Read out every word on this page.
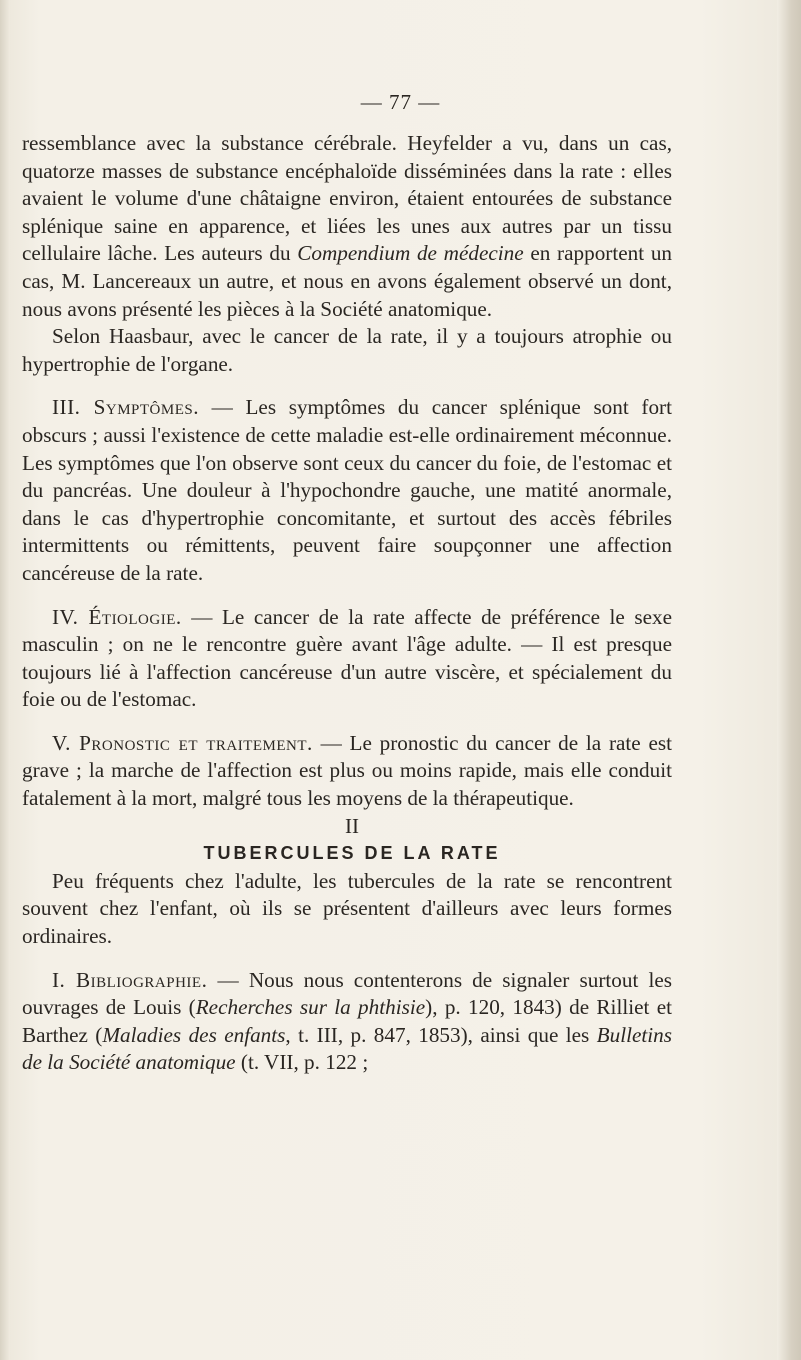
— 77 —

ressemblance avec la substance cérébrale. Heyfelder a vu, dans un cas, quatorze masses de substance encéphaloïde disséminées dans la rate : elles avaient le volume d'une châtaigne environ, étaient entourées de substance splénique saine en apparence, et liées les unes aux autres par un tissu cellulaire lâche. Les auteurs du Compendium de médecine en rapportent un cas, M. Lancereaux un autre, et nous en avons également observé un dont, nous avons présenté les pièces à la Société anatomique.

Selon Haasbaur, avec le cancer de la rate, il y a toujours atrophie ou hypertrophie de l'organe.

III. Symptômes. — Les symptômes du cancer splénique sont fort obscurs ; aussi l'existence de cette maladie est-elle ordinairement méconnue. Les symptômes que l'on observe sont ceux du cancer du foie, de l'estomac et du pancréas. Une douleur à l'hypochondre gauche, une matité anormale, dans le cas d'hypertrophie concomitante, et surtout des accès fébriles intermittents ou rémittents, peuvent faire soupçonner une affection cancéreuse de la rate.

IV. Étiologie. — Le cancer de la rate affecte de préférence le sexe masculin ; on ne le rencontre guère avant l'âge adulte. — Il est presque toujours lié à l'affection cancéreuse d'un autre viscère, et spécialement du foie ou de l'estomac.

V. Pronostic et traitement. — Le pronostic du cancer de la rate est grave ; la marche de l'affection est plus ou moins rapide, mais elle conduit fatalement à la mort, malgré tous les moyens de la thérapeutique.

II

TUBERCULES DE LA RATE

Peu fréquents chez l'adulte, les tubercules de la rate se rencontrent souvent chez l'enfant, où ils se présentent d'ailleurs avec leurs formes ordinaires.

I. Bibliographie. — Nous nous contenterons de signaler surtout les ouvrages de Louis (Recherches sur la phthisie), p. 120, 1843) de Rilliet et Barthez (Maladies des enfants, t. III, p. 847, 1853), ainsi que les Bulletins de la Société anatomique (t. VII, p. 122 ;
